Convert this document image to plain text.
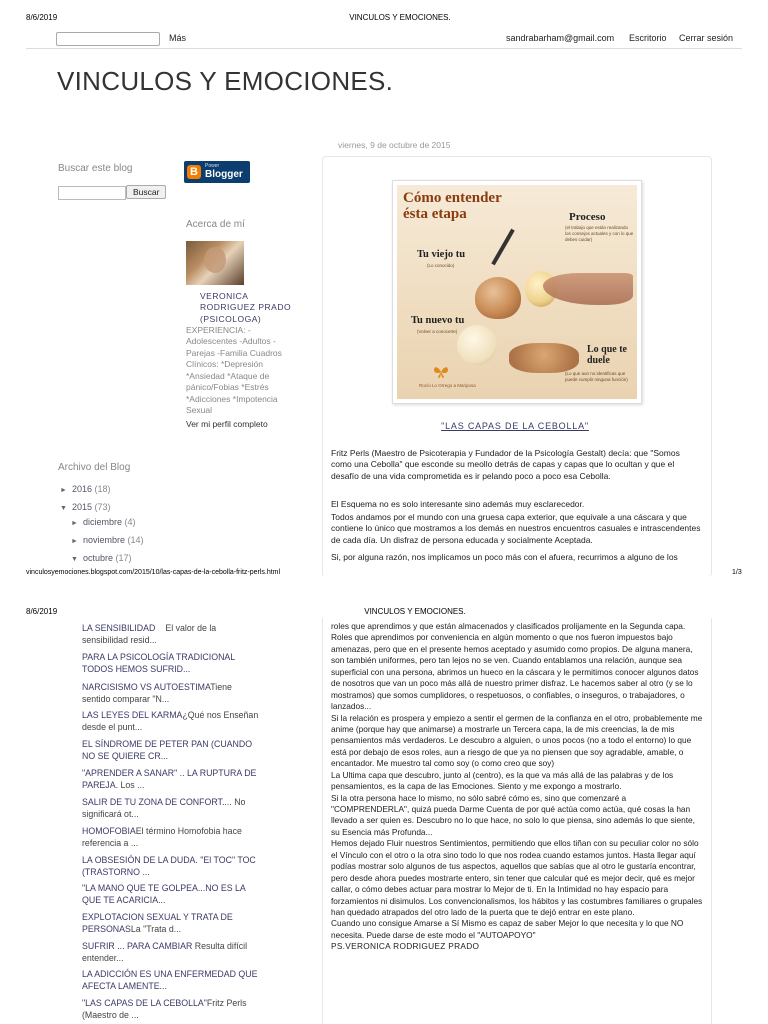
8/6/2019	VINCULOS Y EMOCIONES.
Más	sandrabarham@gmail.com Escritorio Cerrar sesión
VINCULOS Y EMOCIONES.
Buscar este blog
Buscar
B	Power
Blogger
Acerca de mí
VERONICA RODRIGUEZ PRADO (PSICOLOGA)
EXPERIENCIA: -Adolescentes -Adultos -Parejas -Familia Cuadros Clínicos: *Depresión *Ansiedad *Ataque de pánico/Fobias *Estrés *Adicciones *Impotencia Sexual
Ver mi perfil completo
Archivo del Blog
► 2016 (18)
▼ 2015 (73)
► diciembre (4)
► noviembre (14)
▼ octubre (17)
viernes, 9 de octubre de 2015
Cómo entender ésta etapa	Proceso
(el trabajo que están realizando los consejos actuales y con lo que debes cuidar)
Tu viejo tu
(Lo conocido)
Tu nuevo tu
(Volver a conocerte)
Lo que te duele
(Lo que aun no identificas que puede cumplir ninguna función)
Rocío Lo Orrego a Mariposa
"LAS CAPAS DE LA CEBOLLA"
Fritz Perls (Maestro de Psicoterapia y Fundador de la Psicología Gestalt) decía: que "Somos como una Cebolla" que esconde su meollo detrás de capas y capas que lo ocultan y que el desafío de una vida comprometida es ir pelando poco a poco esa Cebolla.
El Esquema no es solo interesante sino además muy esclarecedor.
Todos andamos por el mundo con una gruesa capa exterior, que equivale a una cáscara y que contiene lo único que mostramos a los demás en nuestros encuentros casuales e intrascendentes de cada día. Un disfraz de persona educada y socialmente Aceptada.
Si, por alguna razón, nos implicamos un poco más con el afuera, recurrimos a alguno de los
vinculosyemociones.blogspot.com/2015/10/las-capas-de-la-cebolla-fritz-perls.html	1/3
8/6/2019	VINCULOS Y EMOCIONES.
LA SENSIBILIDAD El valor de la sensibilidad resid...
PARA LA PSICOLOGÍA TRADICIONAL TODOS HEMOS SUFRID...
NARCISISMO VS AUTOESTIMATiene sentido comparar "N...
LAS LEYES DEL KARMA¿Qué nos Enseñan desde el punt...
EL SÍNDROME DE PETER PAN (CUANDO NO SE QUIERE CR...
"APRENDER A SANAR" .. LA RUPTURA DE PAREJA. Los ...
SALIR DE TU ZONA DE CONFORT.... No significará ot...
HOMOFOBIAEl término Homofobia hace referencia a ...
LA OBSESIÓN DE LA DUDA. "El TOC" TOC (TRASTORNO ...
"LA MANO QUE TE GOLPEA...NO ES LA QUE TE ACARICIA...
EXPLOTACION SEXUAL Y TRATA DE PERSONASLa "Trata d...
SUFRIR ... PARA CAMBIAR Resulta difícil entender...
LA ADICCIÓN ES UNA ENFERMEDAD QUE AFECTA LAMENTE...
"LAS CAPAS DE LA CEBOLLA"Fritz Perls (Maestro de ...
roles que aprendimos y que están almacenados y clasificados prolijamente en la Segunda capa. Roles que aprendimos por conveniencia en algún momento o que nos fueron impuestos bajo amenazas, pero que en el presente hemos aceptado y asumido como propios. De alguna manera, son también uniformes, pero tan lejos no se ven. Cuando entablamos una relación, aunque sea superficial con una persona, abrimos un hueco en la cáscara y le permitimos conocer algunos datos de nosotros que van un poco más allá de nuestro primer disfraz. Le hacemos saber al otro (y se lo mostramos) que somos cumplidores, o respetuosos, o confiables, o inseguros, o trabajadores, o lanzados...
Si la relación es prospera y empiezo a sentir el germen de la confianza en el otro, probablemente me anime (porque hay que animarse) a mostrarle un Tercera capa, la de mis creencias, la de mis pensamientos más verdaderos. Le descubro a alguien, o unos pocos (no a todo el entorno) lo que está por debajo de esos roles, aun a riesgo de que ya no piensen que soy agradable, amable, o encantador. Me muestro tal como soy (o como creo que soy)
La Ultima capa que descubro, junto al (centro), es la que va más allá de las palabras y de los pensamientos, es la capa de las Emociones. Siento y me expongo a mostrarlo.
Si la otra persona hace lo mismo, no sólo sabré cómo es, sino que comenzaré a "COMPRENDERLA", quizá pueda Darme Cuenta de por qué actúa como actúa, qué cosas la han llevado a ser quien es. Descubro no lo que hace, no solo lo que piensa, sino además lo que siente, su Esencia más Profunda...
Hemos dejado Fluir nuestros Sentimientos, permitiendo que ellos tiñan con su peculiar color no sólo el Vínculo con el otro o la otra sino todo lo que nos rodea cuando estamos juntos. Hasta llegar aquí podías mostrar solo algunos de tus aspectos, aquellos que sabías que al otro le gustaría encontrar, pero desde ahora puedes mostrarte entero, sin tener que calcular qué es mejor decir, qué es mejor callar, o cómo debes actuar para mostrar lo Mejor de ti. En la Intimidad no hay espacio para forzamientos ni disimulos. Los convencionalismos, los hábitos y las costumbres familiares o grupales han quedado atrapados del otro lado de la puerta que te dejó entrar en este plano.
Cuando uno consigue Amarse a Sí Mismo es capaz de saber Mejor lo que necesita y lo que NO necesita. Puede darse de este modo el "AUTOAPOYO"
PS.VERONICA RODRIGUEZ PRADO
